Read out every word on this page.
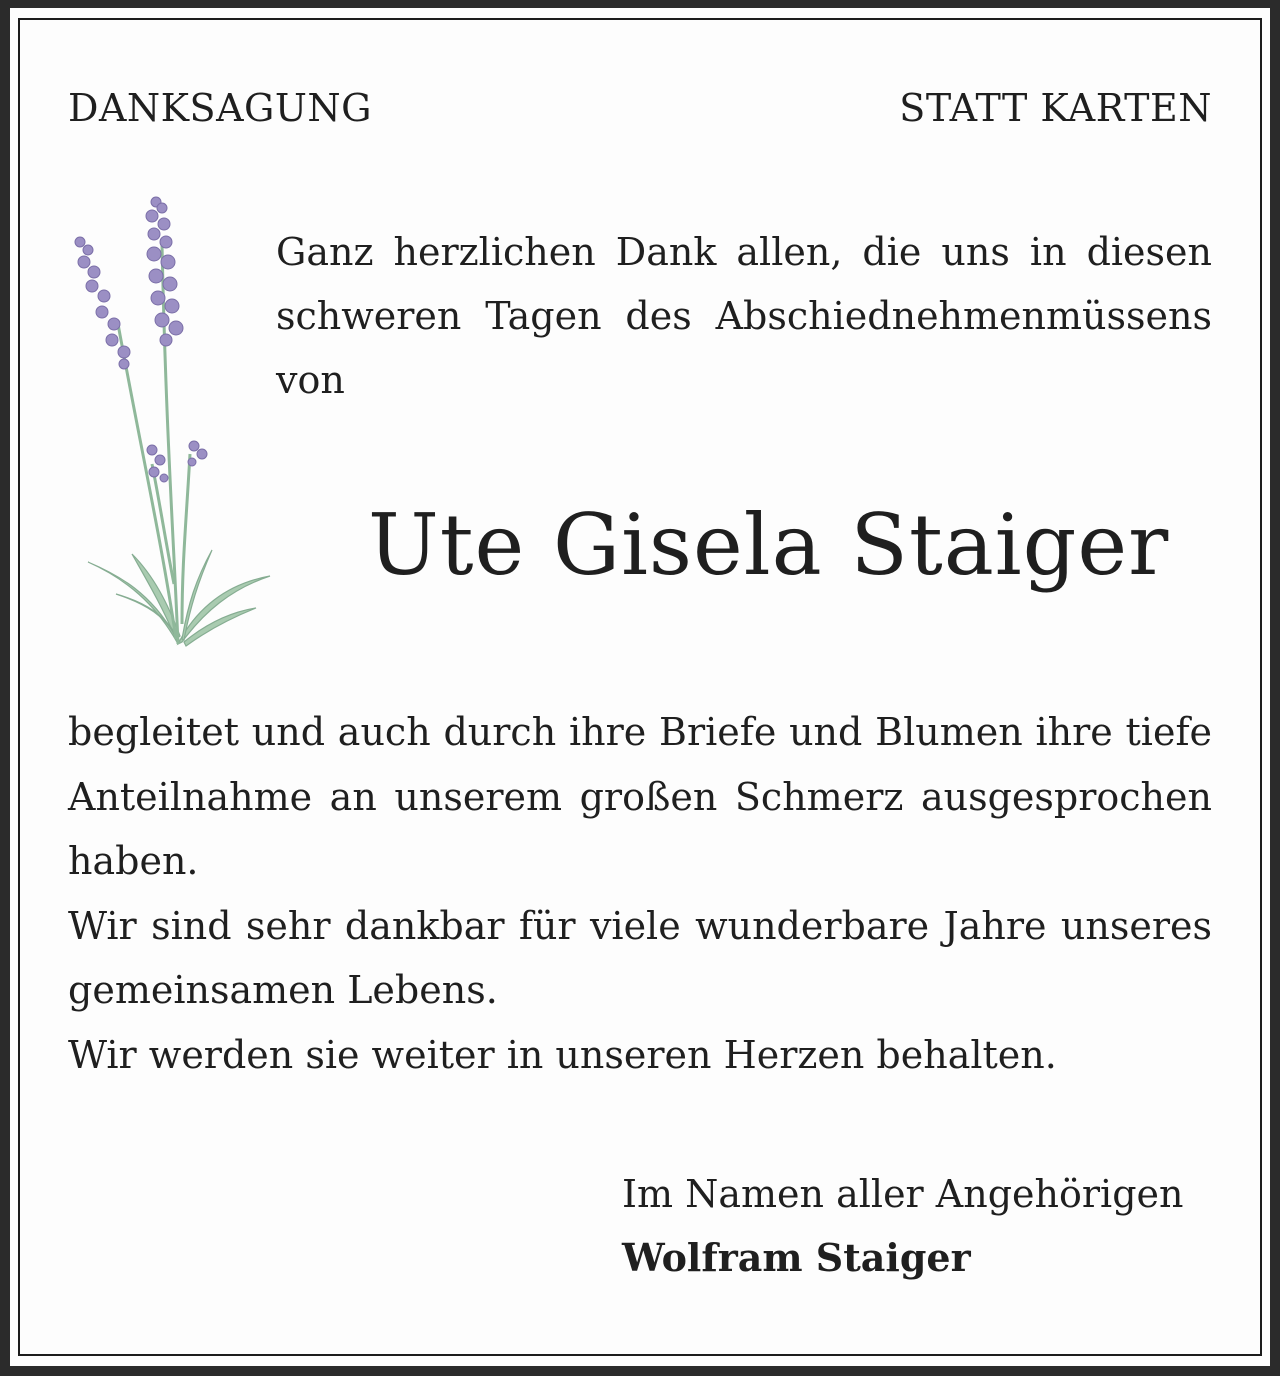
DANKSAGUNG	STATT KARTEN

Ganz herzlichen Dank allen, die uns in diesen
schweren Tagen des Abschiednehmenmüssens
von

Ute Gisela Staiger

begleitet und auch durch ihre Briefe und Blumen ihre tiefe
Anteilnahme an unserem großen Schmerz ausgesprochen
haben.
Wir sind sehr dankbar für viele wunderbare Jahre unseres
gemeinsamen Lebens.
Wir werden sie weiter in unseren Herzen behalten.
Im Namen aller Angehörigen
Wolfram Staiger
